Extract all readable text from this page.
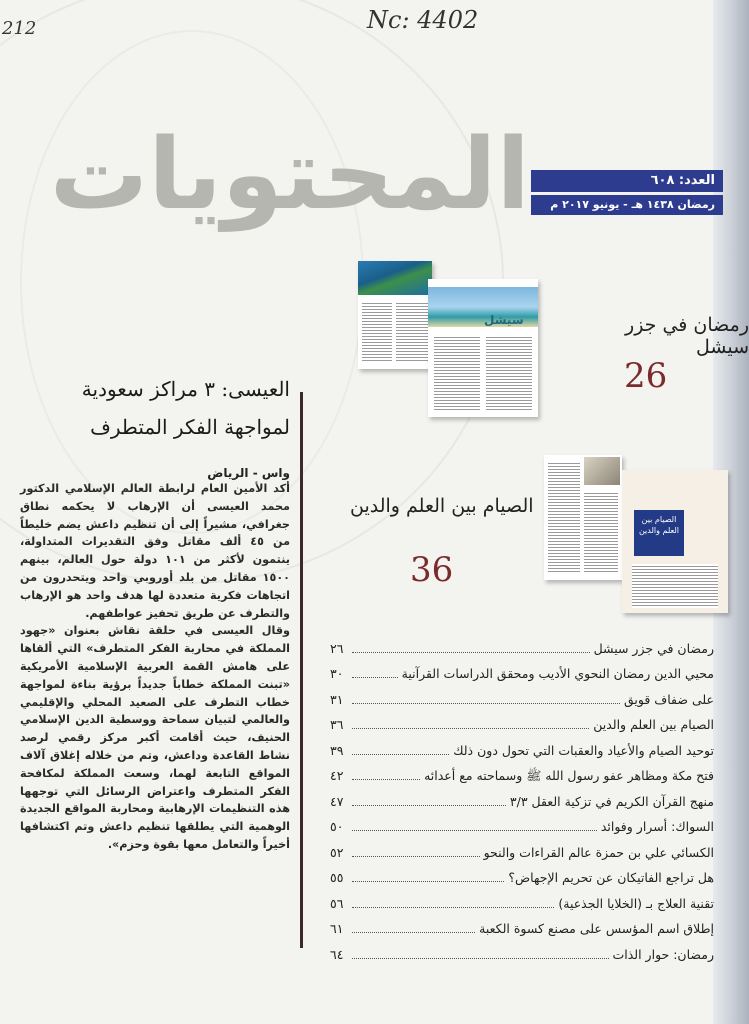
212	Nc: 4402
المحتويات	العدد: ٦٠٨
رمضان ١٤٣٨ هـ - يونيو ٢٠١٧ م
سيشل	رمضان في جزر سيشل
26
الصيام بين العلم والدين
الصيام بين العلم والدين
36
رمضان في جزر سيشل
٢٦
محيي الدين رمضان النحوي الأديب ومحقق الدراسات القرآنية
٣٠
على ضفاف قويق
٣١
الصيام بين العلم والدين
٣٦
توحيد الصيام والأعياد والعقبات التي تحول دون ذلك
٣٩
فتح مكة ومظاهر عفو رسول الله ﷺ وسماحته مع أعدائه
٤٢
منهج القرآن الكريم في تزكية العقل ٣/٣
٤٧
السواك: أسرار وفوائد
٥٠
الكسائي علي بن حمزة عالم القراءات والنحو
٥٢
هل تراجع الفاتيكان عن تحريم الإجهاض؟
٥٥
تقنية العلاج بـ (الخلايا الجذعية)
٥٦
إطلاق اسم المؤسس على مصنع كسوة الكعبة
٦١
رمضان: حوار الذات
٦٤
العيسى: ٣ مراكز سعودية
لمواجهة الفكر المتطرف
واس - الرياض

أكد الأمين العام لرابطة العالم الإسلامي الدكتور محمد العيسى أن الإرهاب لا يحكمه نطاق جغرافي، مشيراً إلى أن تنظيم داعش يضم خليطاً من ٤٥ ألف مقاتل وفق التقديرات المتداولة، ينتمون لأكثر من ١٠١ دولة حول العالم، بينهم ١٥٠٠ مقاتل من بلد أوروبي واحد ويتحدرون من اتجاهات فكرية متعددة لها هدف واحد هو الإرهاب والتطرف عن طريق تحفيز عواطفهم.

وقال العيسى في حلقة نقاش بعنوان «جهود المملكة في محاربة الفكر المتطرف» التي ألقاها على هامش القمة العربية الإسلامية الأمريكية «تبنت المملكة خطاباً جديداً برؤية بناءة لمواجهة خطاب التطرف على الصعيد المحلي والإقليمي والعالمي لتبيان سماحة ووسطية الدين الإسلامي الحنيف، حيث أقامت أكبر مركز رقمي لرصد نشاط القاعدة وداعش، وتم من خلاله إغلاق آلاف المواقع التابعة لهما، وسعت المملكة لمكافحة الفكر المتطرف واعتراض الرسائل التي توجهها هذه التنظيمات الإرهابية ومحاربة المواقع الجديدة الوهمية التي يطلقها تنظيم داعش وتم اكتشافها أخيراً والتعامل معها بقوة وحزم».
